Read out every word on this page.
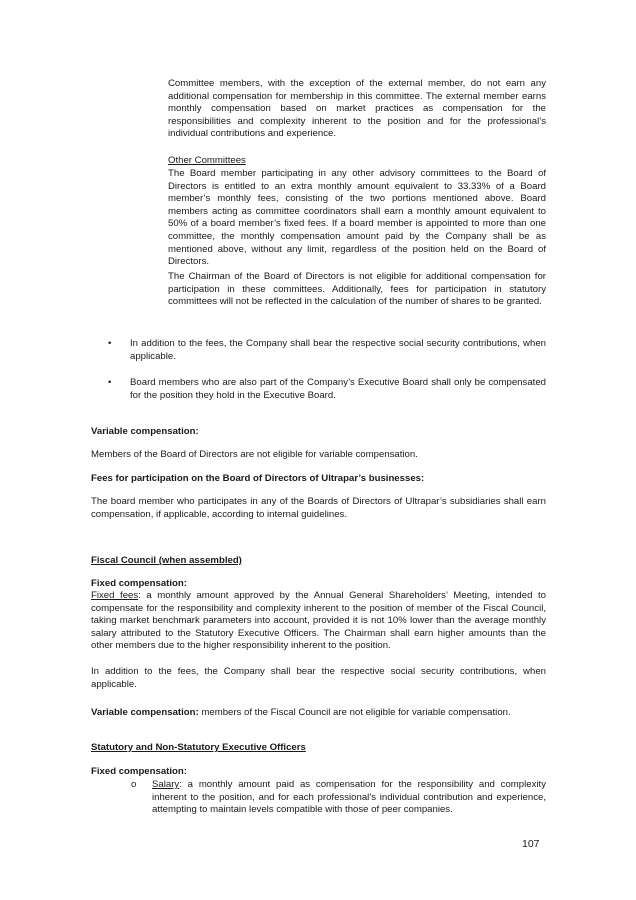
Committee members, with the exception of the external member, do not earn any additional compensation for membership in this committee. The external member earns monthly compensation based on market practices as compensation for the responsibilities and complexity inherent to the position and for the professional’s individual contributions and experience.

Other Committees

The Board member participating in any other advisory committees to the Board of Directors is entitled to an extra monthly amount equivalent to 33.33% of a Board member’s monthly fees, consisting of the two portions mentioned above. Board members acting as committee coordinators shall earn a monthly amount equivalent to 50% of a board member’s fixed fees. If a board member is appointed to more than one committee, the monthly compensation amount paid by the Company shall be as mentioned above, without any limit, regardless of the position held on the Board of Directors.

The Chairman of the Board of Directors is not eligible for additional compensation for participation in these committees. Additionally, fees for participation in statutory committees will not be reflected in the calculation of the number of shares to be granted.

•	In addition to the fees, the Company shall bear the respective social security contributions, when applicable.
•	Board members who are also part of the Company’s Executive Board shall only be compensated for the position they hold in the Executive Board.

Variable compensation:

Members of the Board of Directors are not eligible for variable compensation.

Fees for participation on the Board of Directors of Ultrapar’s businesses:

The board member who participates in any of the Boards of Directors of Ultrapar’s subsidiaries shall earn compensation, if applicable, according to internal guidelines.

Fiscal Council (when assembled)

Fixed compensation:

Fixed fees: a monthly amount approved by the Annual General Shareholders’ Meeting, intended to compensate for the responsibility and complexity inherent to the position of member of the Fiscal Council, taking market benchmark parameters into account, provided it is not 10% lower than the average monthly salary attributed to the Statutory Executive Officers. The Chairman shall earn higher amounts than the other members due to the higher responsibility inherent to the position.

In addition to the fees, the Company shall bear the respective social security contributions, when applicable.

Variable compensation: members of the Fiscal Council are not eligible for variable compensation.

Statutory and Non-Statutory Executive Officers

Fixed compensation:

o	Salary: a monthly amount paid as compensation for the responsibility and complexity inherent to the position, and for each professional’s individual contribution and experience, attempting to maintain levels compatible with those of peer companies.
107
